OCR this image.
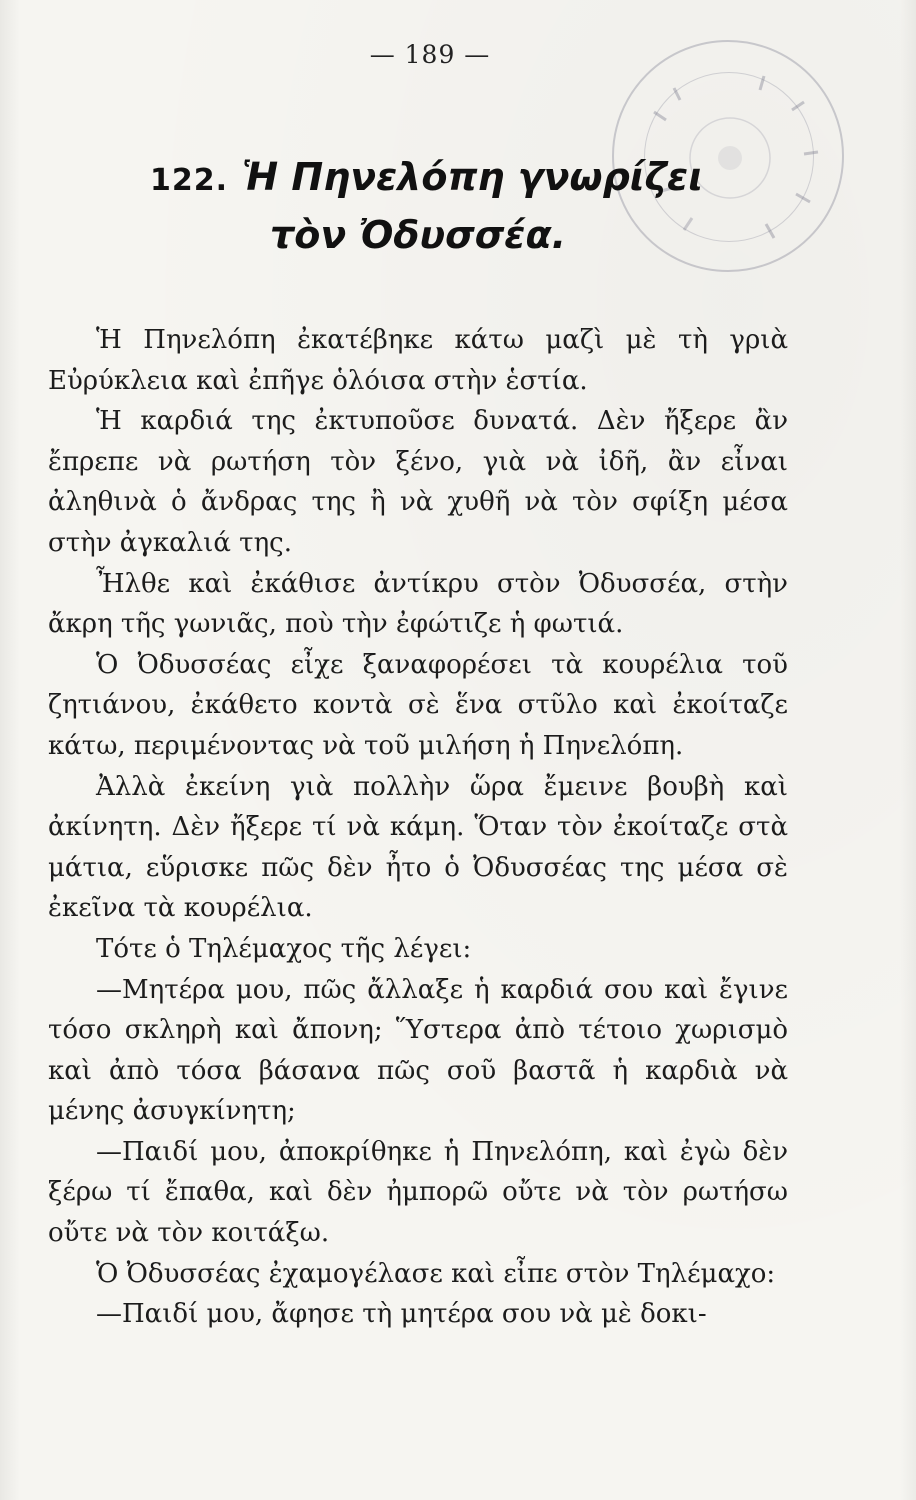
— 189 —
122. Ἡ Πηνελόπη γνωρίζει
τὸν Ὀδυσσέα.

Ἡ Πηνελόπη ἐκατέβηκε κάτω μαζὶ μὲ τὴ γριὰ Εὐρύκλεια καὶ ἐπῆγε ὁλόισα στὴν ἑστία.

Ἡ καρδιά της ἐκτυποῦσε δυνατά. Δὲν ἤξερε ἂν ἔπρεπε νὰ ρωτήση τὸν ξένο, γιὰ νὰ ἰδῆ, ἂν εἶναι ἀληθινὰ ὁ ἄνδρας της ἢ νὰ χυθῆ νὰ τὸν σφίξη μέσα στὴν ἀγκαλιά της.

Ἦλθε καὶ ἐκάθισε ἀντίκρυ στὸν Ὀδυσσέα, στὴν ἄκρη τῆς γωνιᾶς, ποὺ τὴν ἐφώτιζε ἡ φωτιά.

Ὁ Ὀδυσσέας εἶχε ξαναφορέσει τὰ κουρέλια τοῦ ζητιάνου, ἐκάθετο κοντὰ σὲ ἕνα στῦλο καὶ ἐκοίταζε κάτω, περιμένοντας νὰ τοῦ μιλήση ἡ Πηνελόπη.

Ἀλλὰ ἐκείνη γιὰ πολλὴν ὥρα ἔμεινε βουβὴ καὶ ἀκίνητη. Δὲν ἤξερε τί νὰ κάμη. Ὅταν τὸν ἐκοίταζε στὰ μάτια, εὕρισκε πῶς δὲν ἦτο ὁ Ὀδυσσέας της μέσα σὲ ἐκεῖνα τὰ κουρέλια.

Τότε ὁ Τηλέμαχος τῆς λέγει:

—Μητέρα μου, πῶς ἄλλαξε ἡ καρδιά σου καὶ ἔγινε τόσο σκληρὴ καὶ ἄπονη; Ὕστερα ἀπὸ τέτοιο χωρισμὸ καὶ ἀπὸ τόσα βάσανα πῶς σοῦ βαστᾶ ἡ καρδιὰ νὰ μένης ἀσυγκίνητη;

—Παιδί μου, ἀποκρίθηκε ἡ Πηνελόπη, καὶ ἐγὼ δὲν ξέρω τί ἔπαθα, καὶ δὲν ἠμπορῶ οὔτε νὰ τὸν ρωτήσω οὔτε νὰ τὸν κοιτάξω.

Ὁ Ὀδυσσέας ἐχαμογέλασε καὶ εἶπε στὸν Τηλέμαχο:

—Παιδί μου, ἄφησε τὴ μητέρα σου νὰ μὲ δοκι-
